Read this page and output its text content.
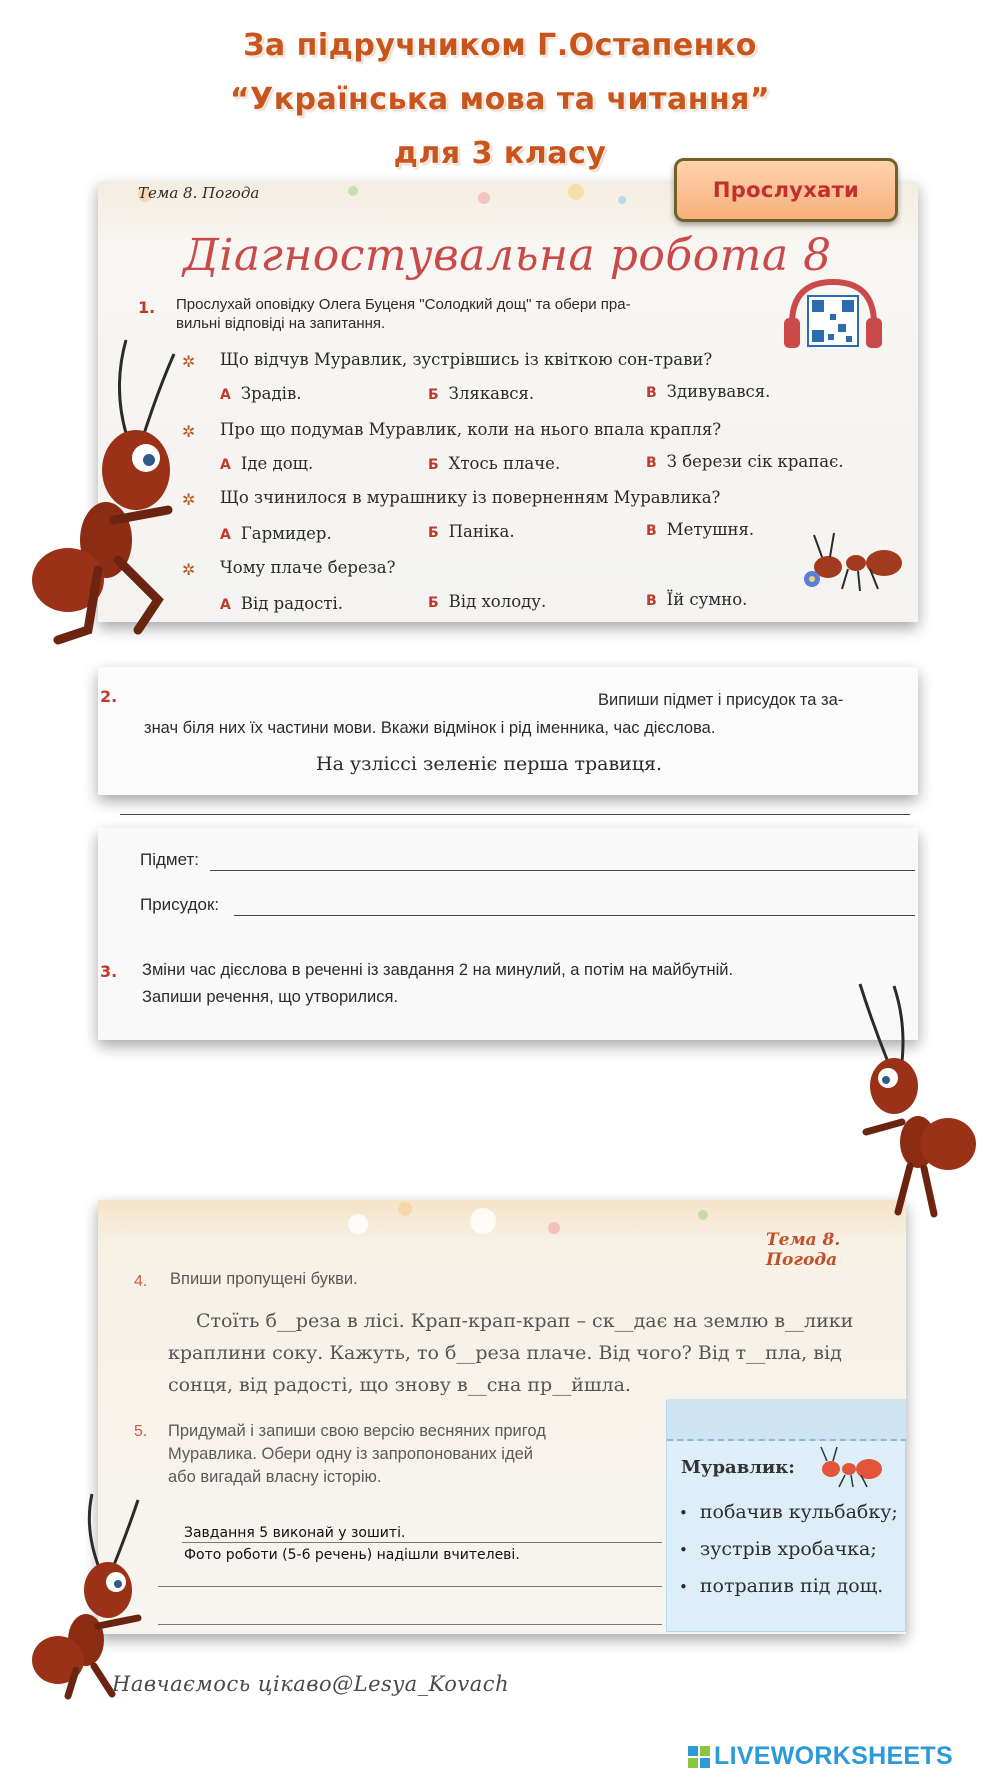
За підручником Г.Остапенко
“Українська мова та читання”
для 3 класу
Тема 8. Погода
Діагностувальна робота 8
1. Прослухай оповідку Олега Буценя "Солодкий дощ" та обери пра-
вильні відповіді на запитання.
✲ Що відчув Муравлик, зустрівшись із квіткою сон-трави?
А Зрадів.	Б Злякався.	В Здивувався.
✲ Про що подумав Муравлик, коли на нього впала крапля?
А Іде дощ.	Б Хтось плаче.	В З берези сік крапає.
✲ Що зчинилося в мурашнику із поверненням Муравлика?
А Гармидер.	Б Паніка.	В Метушня.
✲ Чому плаче береза?
А Від радості.	Б Від холоду.	В Їй сумно.
Прослухати
2.	Випиши підмет і присудок та за-
знач біля них їх частини мови. Вкажи відмінок і рід іменника, час дієслова.
На узліссі зеленіє перша травиця.
Підмет:
Присудок:
3. Зміни час дієслова в реченні із завдання 2 на минулий, а потім на майбутній.
Запиши речення, що утворилися.
Тема 8. Погода
4. Впиши пропущені букви.
Стоїть б__реза в лісі. Крап-крап-крап – ск__дає на землю в__лики
краплини соку. Кажуть, то б__реза плаче. Від чого? Від т__пла, від
сонця, від радості, що знову в__сна пр__йшла.
5. Придумай і запиши свою версію весняних пригод
Муравлика. Обери одну із запропонованих ідей
або вигадай власну історію.
Завдання 5 виконай у зошиті.
Фото роботи (5-6 речень) надішли вчителеві.
Муравлик:
• побачив кульбабку;
• зустрів хробачка;
• потрапив під дощ.
Навчаємось цікаво@Lesya_Kovach
LIVEWORKSHEETS
